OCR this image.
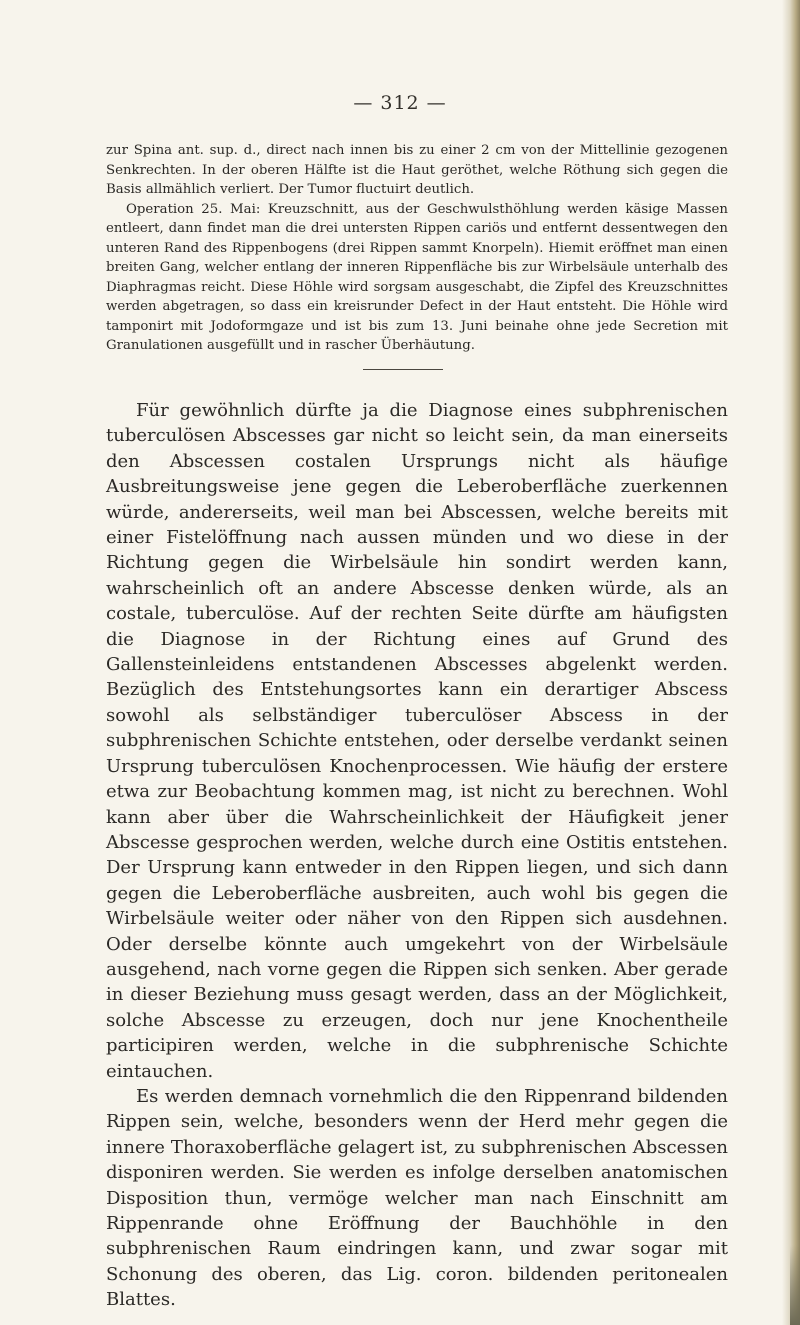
— 312 —

zur Spina ant. sup. d., direct nach innen bis zu einer 2 cm von der Mittellinie gezogenen Senkrechten. In der oberen Hälfte ist die Haut geröthet, welche Röthung sich gegen die Basis allmählich verliert. Der Tumor fluctuirt deutlich.

Operation 25. Mai: Kreuzschnitt, aus der Geschwulsthöhlung werden käsige Massen entleert, dann findet man die drei untersten Rippen cariös und entfernt dessentwegen den unteren Rand des Rippenbogens (drei Rippen sammt Knorpeln). Hiemit eröffnet man einen breiten Gang, welcher entlang der inneren Rippenfläche bis zur Wirbelsäule unterhalb des Diaphragmas reicht. Diese Höhle wird sorgsam ausgeschabt, die Zipfel des Kreuzschnittes werden abgetragen, so dass ein kreisrunder Defect in der Haut entsteht. Die Höhle wird tamponirt mit Jodoformgaze und ist bis zum 13. Juni beinahe ohne jede Secretion mit Granulationen ausgefüllt und in rascher Überhäutung.

Für gewöhnlich dürfte ja die Diagnose eines subphrenischen tuberculösen Abscesses gar nicht so leicht sein, da man einerseits den Abscessen costalen Ursprungs nicht als häufige Ausbreitungsweise jene gegen die Leberoberfläche zuerkennen würde, andererseits, weil man bei Abscessen, welche bereits mit einer Fistelöffnung nach aussen münden und wo diese in der Richtung gegen die Wirbelsäule hin sondirt werden kann, wahrscheinlich oft an andere Abscesse denken würde, als an costale, tuberculöse. Auf der rechten Seite dürfte am häufigsten die Diagnose in der Richtung eines auf Grund des Gallensteinleidens entstandenen Abscesses abgelenkt werden. Bezüglich des Entstehungsortes kann ein derartiger Abscess sowohl als selbständiger tuberculöser Abscess in der subphrenischen Schichte entstehen, oder derselbe verdankt seinen Ursprung tuberculösen Knochenprocessen. Wie häufig der erstere etwa zur Beobachtung kommen mag, ist nicht zu berechnen. Wohl kann aber über die Wahrscheinlichkeit der Häufigkeit jener Abscesse gesprochen werden, welche durch eine Ostitis entstehen. Der Ursprung kann entweder in den Rippen liegen, und sich dann gegen die Leberoberfläche ausbreiten, auch wohl bis gegen die Wirbelsäule weiter oder näher von den Rippen sich ausdehnen. Oder derselbe könnte auch umgekehrt von der Wirbelsäule ausgehend, nach vorne gegen die Rippen sich senken. Aber gerade in dieser Beziehung muss gesagt werden, dass an der Möglichkeit, solche Abscesse zu erzeugen, doch nur jene Knochentheile participiren werden, welche in die subphrenische Schichte eintauchen.

Es werden demnach vornehmlich die den Rippenrand bildenden Rippen sein, welche, besonders wenn der Herd mehr gegen die innere Thoraxoberfläche gelagert ist, zu subphrenischen Abscessen disponiren werden. Sie werden es infolge derselben anatomischen Disposition thun, vermöge welcher man nach Einschnitt am Rippenrande ohne Eröffnung der Bauchhöhle in den subphrenischen Raum eindringen kann, und zwar sogar mit Schonung des oberen, das Lig. coron. bildenden peritonealen Blattes.
